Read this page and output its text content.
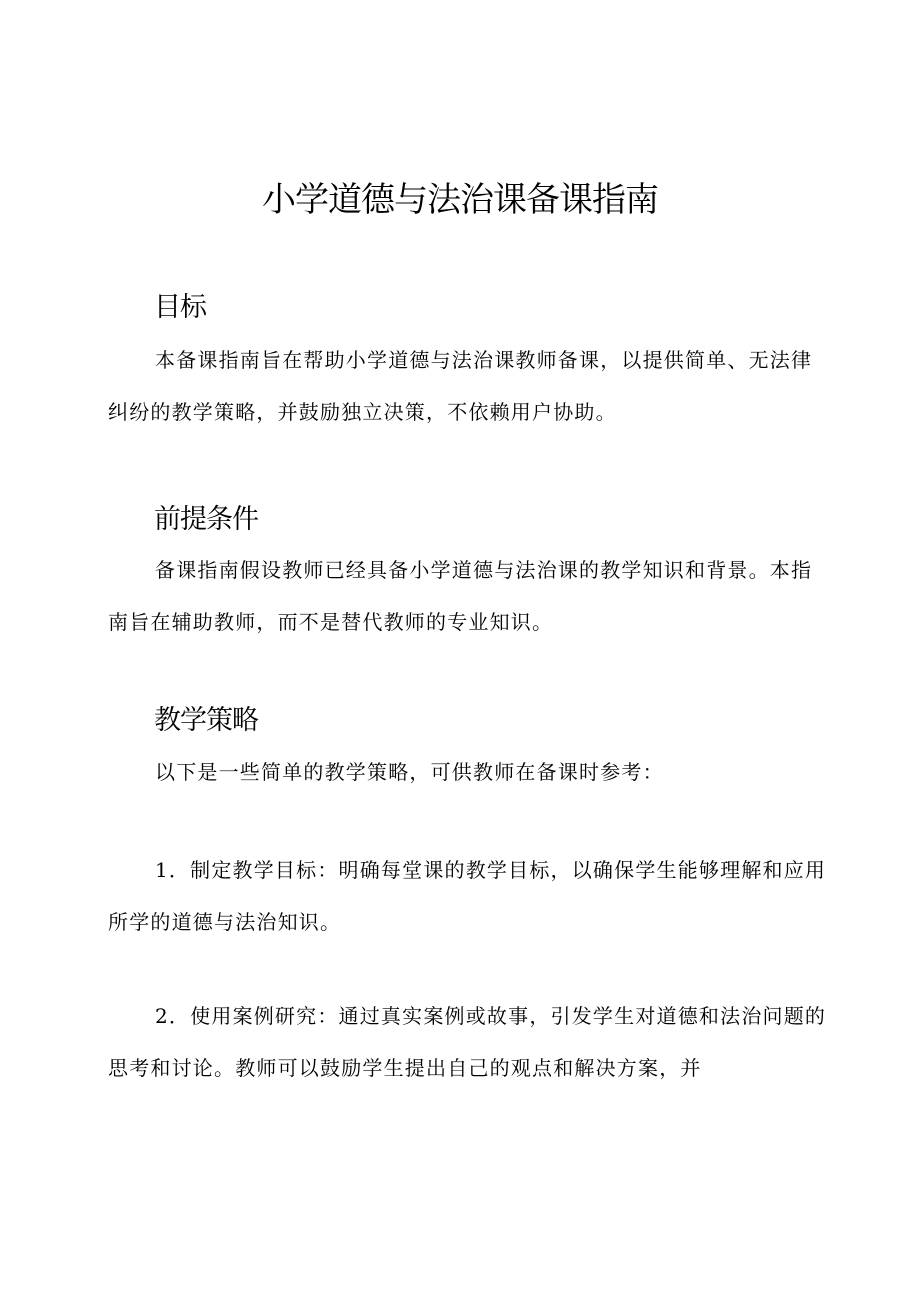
小学道德与法治课备课指南
目标

本备课指南旨在帮助小学道德与法治课教师备课，以提供简单、无法律纠纷的教学策略，并鼓励独立决策，不依赖用户协助。

前提条件

备课指南假设教师已经具备小学道德与法治课的教学知识和背景。本指南旨在辅助教师，而不是替代教师的专业知识。

教学策略

以下是一些简单的教学策略，可供教师在备课时参考：

1．制定教学目标：明确每堂课的教学目标，以确保学生能够理解和应用所学的道德与法治知识。

2．使用案例研究：通过真实案例或故事，引发学生对道德和法治问题的思考和讨论。教师可以鼓励学生提出自己的观点和解决方案，并
